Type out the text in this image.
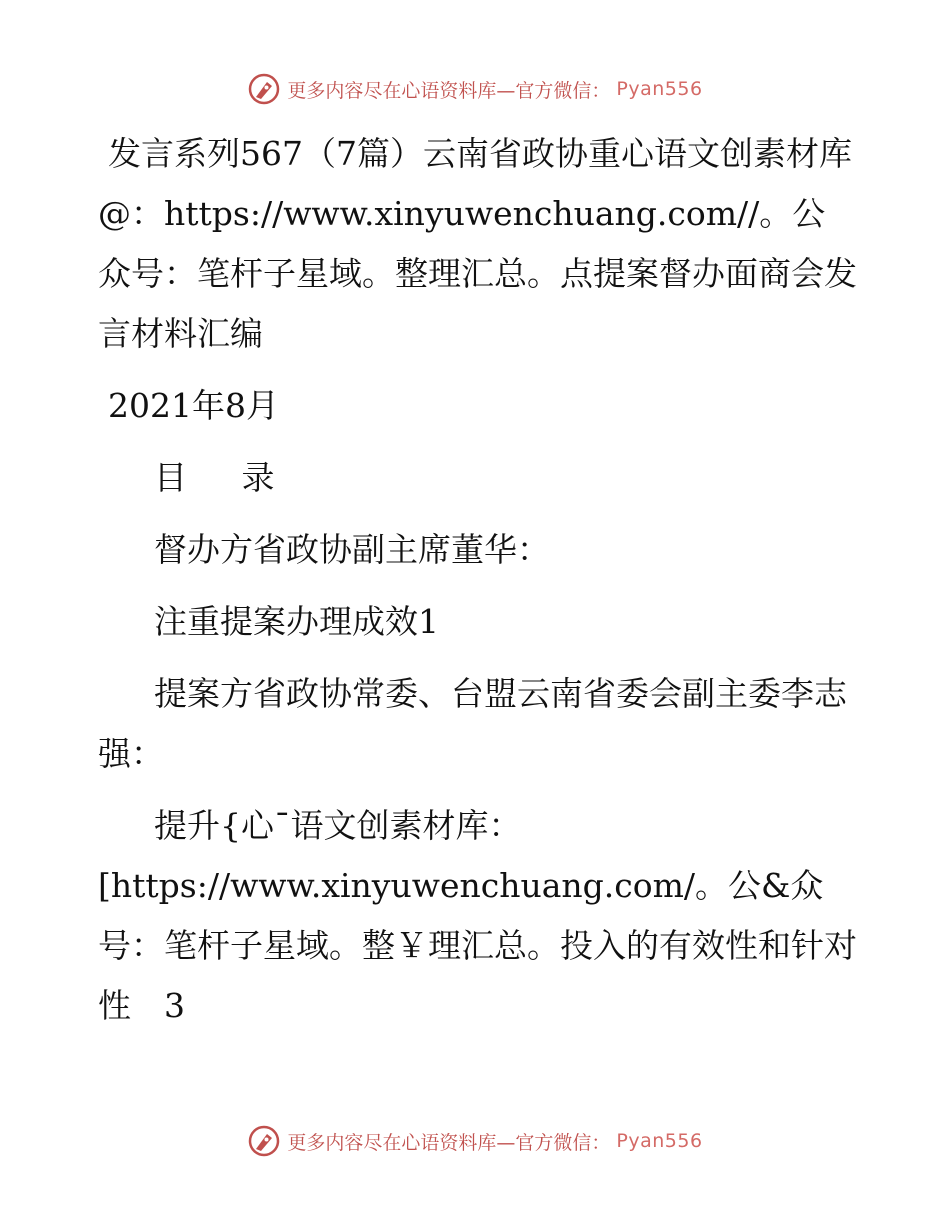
更多内容尽在心语资料库—官方微信： Pyan556

发言系列567（7篇）云南省政协重心语文创素材库@：https://www.xinyuwenchuang.com//。公众号：笔杆子星域。整理汇总。点提案督办面商会发言材料汇编

2021年8月

目 录

督办方省政协副主席董华：

注重提案办理成效1

提案方省政协常委、台盟云南省委会副主委李志强：

提升{心¯语文创素材库：[https://www.xinyuwenchuang.com/。公&众号：笔杆子星域。整￥理汇总。投入的有效性和针对性　3

更多内容尽在心语资料库—官方微信： Pyan556
